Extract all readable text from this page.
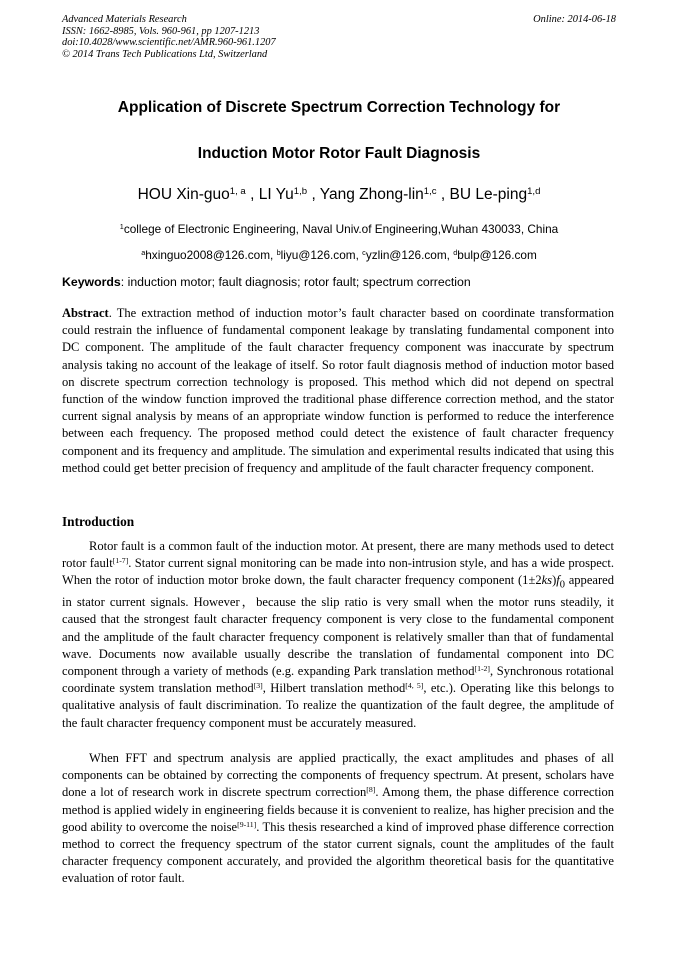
Advanced Materials Research
ISSN: 1662-8985, Vols. 960-961, pp 1207-1213
doi:10.4028/www.scientific.net/AMR.960-961.1207
© 2014 Trans Tech Publications Ltd, Switzerland
Online: 2014-06-18
Application of Discrete Spectrum Correction Technology for
Induction Motor Rotor Fault Diagnosis
HOU Xin-guo$^{1, a}$ , LI Yu$^{1,b}$ , Yang Zhong-lin$^{1,c}$ , BU Le-ping$^{1,d}$
$^1$college of Electronic Engineering, Naval Univ.of Engineering,Wuhan 430033, China
$^a$hxinguo2008@126.com, $^b$liyu@126.com, $^c$yzlin@126.com, $^d$bulp@126.com
Keywords: induction motor; fault diagnosis; rotor fault; spectrum correction
Abstract. The extraction method of induction motor’s fault character based on coordinate transformation could restrain the influence of fundamental component leakage by translating fundamental component into DC component. The amplitude of the fault character frequency component was inaccurate by spectrum analysis taking no account of the leakage of itself. So rotor fault diagnosis method of induction motor based on discrete spectrum correction technology is proposed. This method which did not depend on spectral function of the window function improved the traditional phase difference correction method, and the stator current signal analysis by means of an appropriate window function is performed to reduce the interference between each frequency. The proposed method could detect the existence of fault character frequency component and its frequency and amplitude. The simulation and experimental results indicated that using this method could get better precision of frequency and amplitude of the fault character frequency component.
Introduction
Rotor fault is a common fault of the induction motor. At present, there are many methods used to detect rotor fault[1-7]. Stator current signal monitoring can be made into non-intrusion style, and has a wide prospect. When the rotor of induction motor broke down, the fault character frequency component $(1\pm 2ks)f_0$ appeared in stator current signals. However，because the slip ratio is very small when the motor runs steadily, it caused that the strongest fault character frequency component is very close to the fundamental component and the amplitude of the fault character frequency component is relatively smaller than that of fundamental wave. Documents now available usually describe the translation of fundamental component into DC component through a variety of methods (e.g. expanding Park translation method[1-2], Synchronous rotational coordinate system translation method[3], Hilbert translation method[4, 5], etc.). Operating like this belongs to qualitative analysis of fault discrimination. To realize the quantization of the fault degree, the amplitude of the fault character frequency component must be accurately measured.
When FFT and spectrum analysis are applied practically, the exact amplitudes and phases of all components can be obtained by correcting the components of frequency spectrum. At present, scholars have done a lot of research work in discrete spectrum correction[8]. Among them, the phase difference correction method is applied widely in engineering fields because it is convenient to realize, has higher precision and the good ability to overcome the noise[9-11]. This thesis researched a kind of improved phase difference correction method to correct the frequency spectrum of the stator current signals, count the amplitudes of the fault character frequency component accurately, and provided the algorithm theoretical basis for the quantitative evaluation of rotor fault.
